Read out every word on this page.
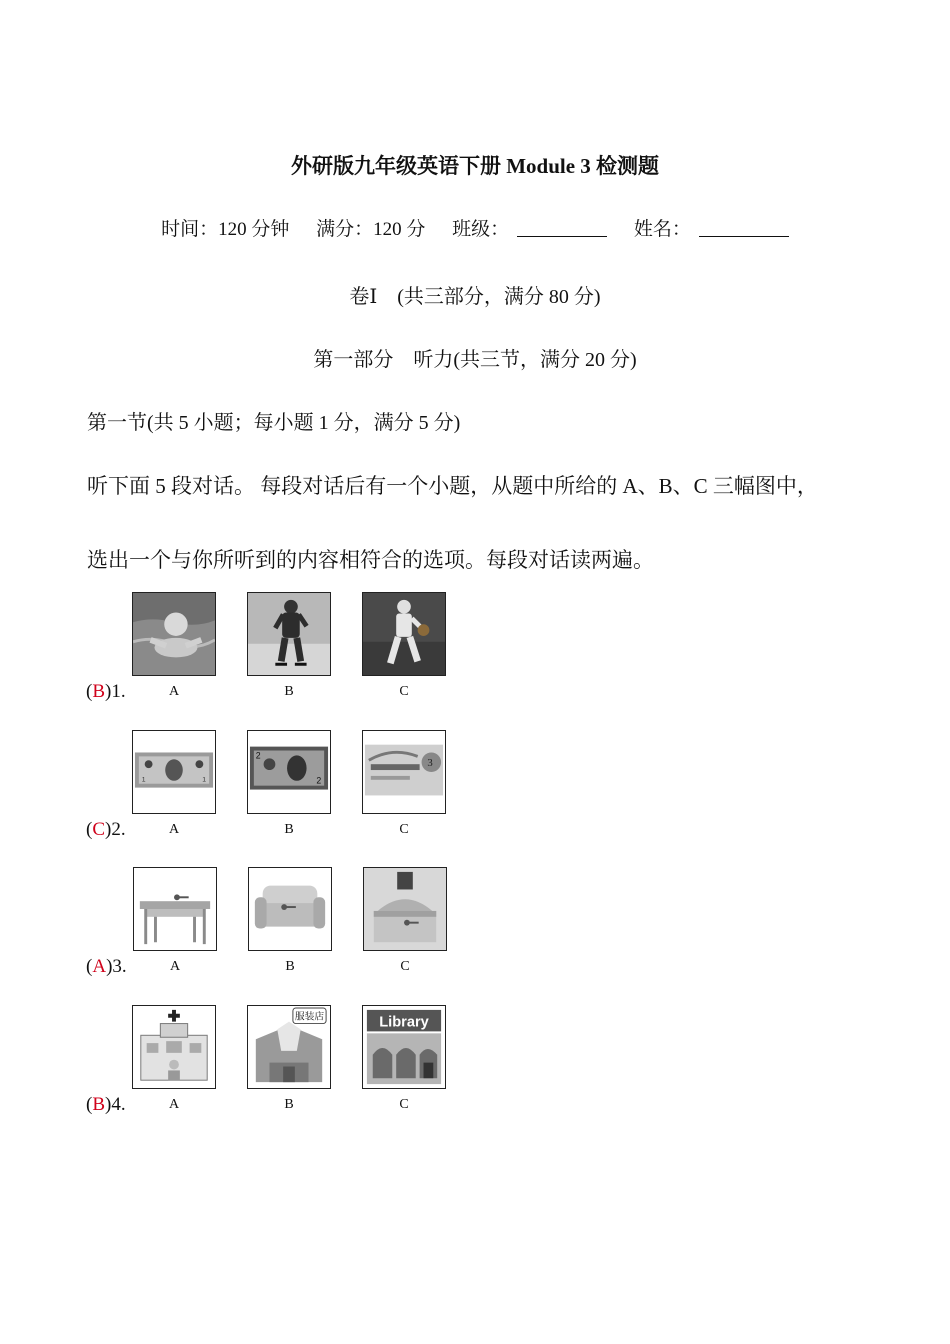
外研版九年级英语下册 Module 3 检测题
时间：120 分钟 满分：120 分 班级：	姓名：
卷Ⅰ　(共三部分，满分 80 分)
第一部分　听力(共三节，满分 20 分)
第一节(共 5 小题；每小题 1 分，满分 5 分)
听下面 5 段对话。 每段对话后有一个小题，从题中所给的 A、B、C 三幅图中，
选出一个与你所听到的内容相符合的选项。每段对话读两遍。
(B)1.	A	B	C
(C)2.
1	1
A
2
2
B
3
C
(A)3.	A	B	C
(B)4.	A
服装店
B
Library
C
